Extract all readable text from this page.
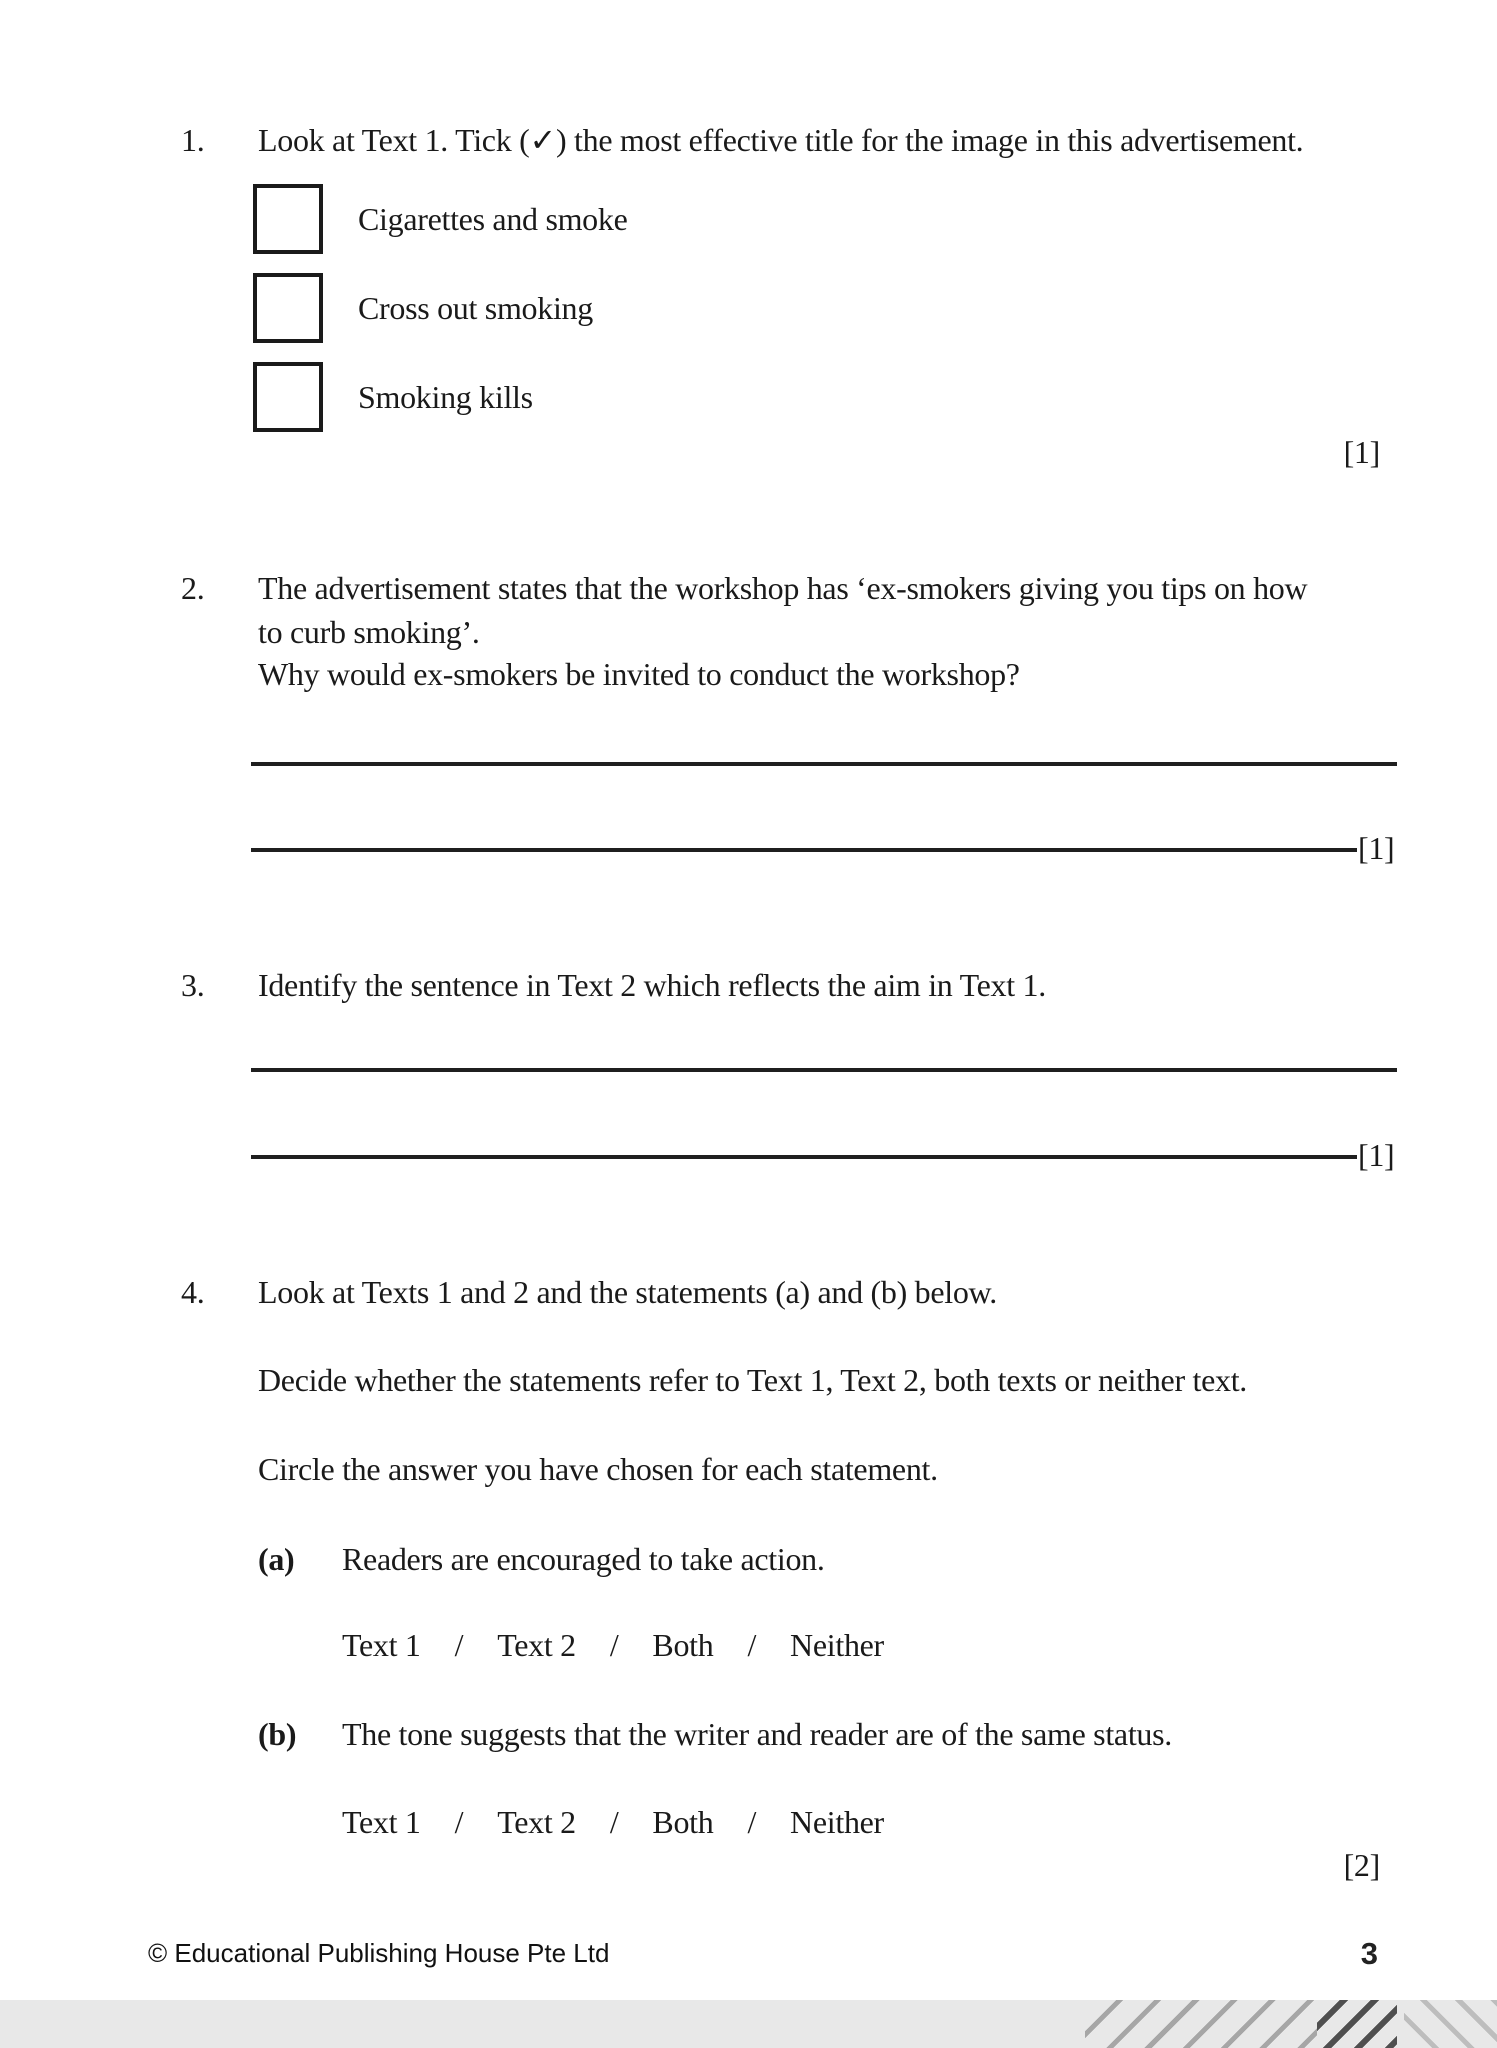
1.	Look at Text 1. Tick (✓) the most effective title for the image in this advertisement.
Cigarettes and smoke
Cross out smoking
Smoking kills
[1]
2.	The advertisement states that the workshop has ‘ex-smokers giving you tips on how
to curb smoking’.
Why would ex-smokers be invited to conduct the workshop?
[1]
3.	Identify the sentence in Text 2 which reflects the aim in Text 1.
[1]
4.	Look at Texts 1 and 2 and the statements (a) and (b) below.
Decide whether the statements refer to Text 1, Text 2, both texts or neither text.
Circle the answer you have chosen for each statement.
(a) Readers are encouraged to take action.
Text 1 / Text 2 / Both / Neither
(b) The tone suggests that the writer and reader are of the same status.
Text 1 / Text 2 / Both / Neither
[2]
© Educational Publishing House Pte Ltd	3
